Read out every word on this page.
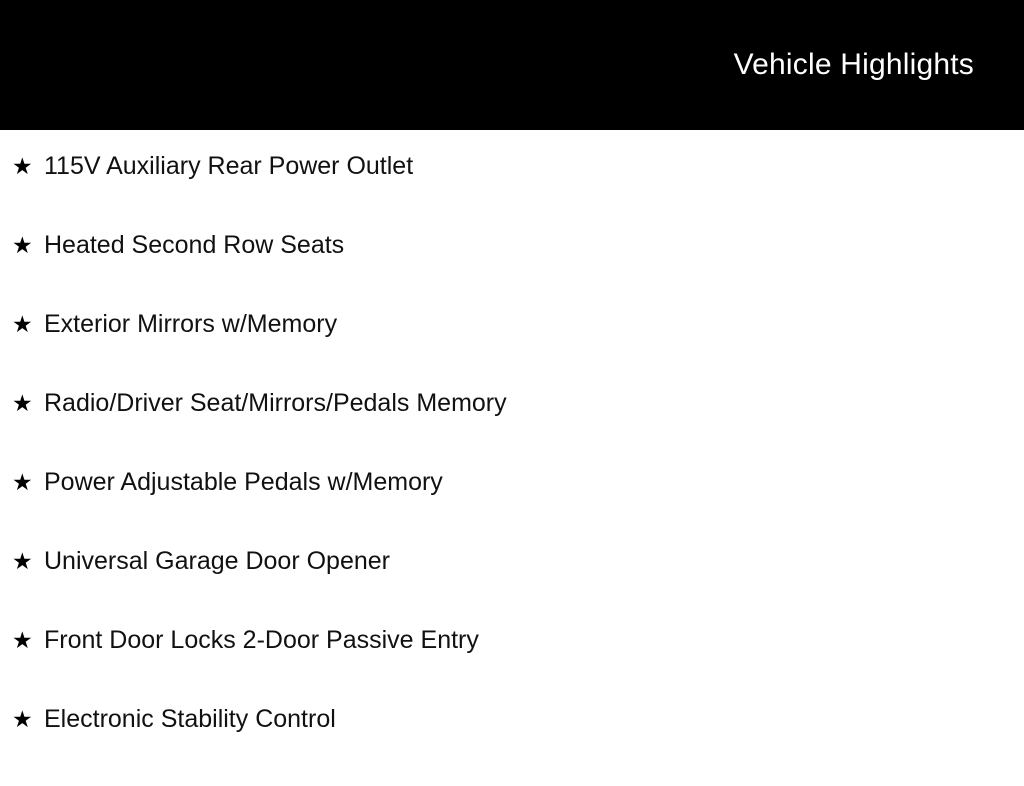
Vehicle Highlights
★ 115V Auxiliary Rear Power Outlet
★ Heated Second Row Seats
★ Exterior Mirrors w/Memory
★ Radio/Driver Seat/Mirrors/Pedals Memory
★ Power Adjustable Pedals w/Memory
★ Universal Garage Door Opener
★ Front Door Locks 2-Door Passive Entry
★ Electronic Stability Control
